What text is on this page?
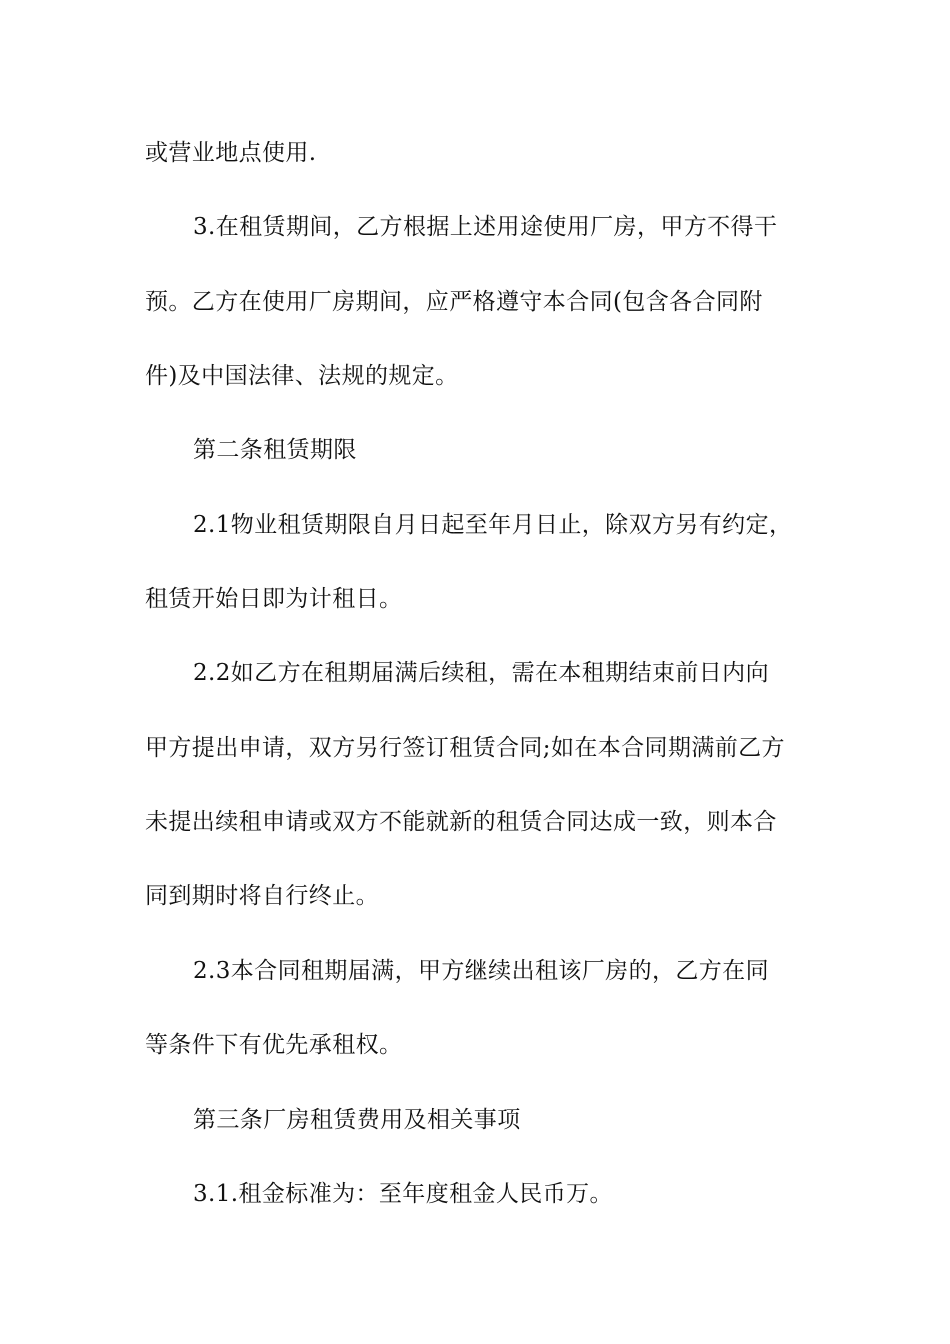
或营业地点使用.
3.在租赁期间，乙方根据上述用途使用厂房，甲方不得干
预。乙方在使用厂房期间，应严格遵守本合同(包含各合同附
件)及中国法律、法规的规定。
第二条租赁期限
2.1物业租赁期限自月日起至年月日止，除双方另有约定，
租赁开始日即为计租日。
2.2如乙方在租期届满后续租，需在本租期结束前日内向
甲方提出申请，双方另行签订租赁合同;如在本合同期满前乙方
未提出续租申请或双方不能就新的租赁合同达成一致，则本合
同到期时将自行终止。
2.3本合同租期届满，甲方继续出租该厂房的，乙方在同
等条件下有优先承租权。
第三条厂房租赁费用及相关事项
3.1.租金标准为：至年度租金人民币万。
